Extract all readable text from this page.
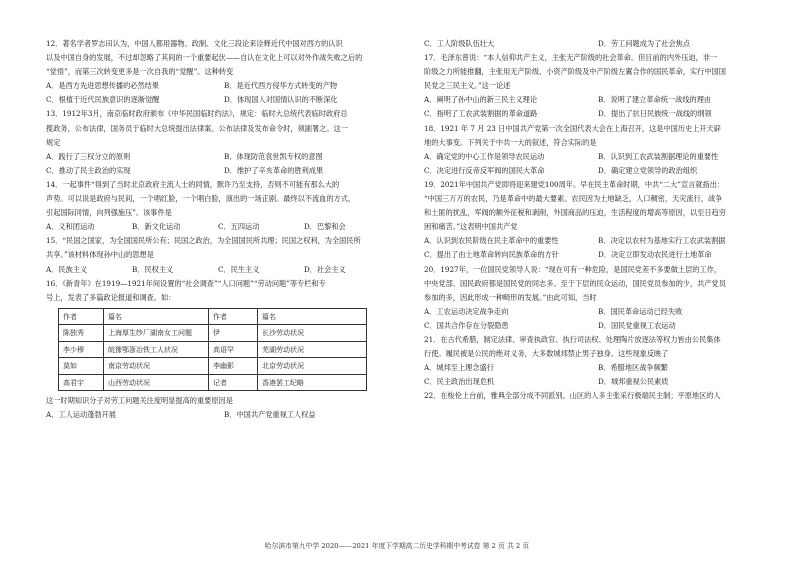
12．著名学者罗志田认为，中国人都用器物、政制、文化三段论来诠释近代中国对西方的认识
以及中国自身的发展，不过却忽略了其间的一个重要起伏——自认在文化上可以对外作战失败之后的
“觉悟”，而第三次转变更多是一次自我的“觉醒”。这种转变
A．是西方先进思想传播的必然结果	B．是近代西方侵华方式转变的产物
C．根植于近代民族意识的逐渐觉醒	D．体现国人对国情认识的不断深化
13．1912年3月，南京临时政府颁布《中华民国临时约法》，规定：临时大总统代表临时政府总
揽政务，公布法律，国务员于临时大总统提出法律案、公布法律及发布命令时，须副署之。这一
规定
A．践行了三权分立的原则	B．体现防范袁世凯专权的意图
C．推动了民主政治的实现	D．维护了辛亥革命的胜利成果
14．一起事件“得到了当时北京政府主流人士的同情，默许乃至支持，否则不可能有那么大的
声势。可以说是政府与民间，一个唱红脸，一个唱白脸，演出的一场正剧。最终以不流血的方式，
引起国际同情，向列强施压”。该事件是
A．义和团运动	B．新文化运动	C．五四运动	D．巴黎和会
15．“民国之国家，为全国国民所公有；民国之政治，为全国国民所共理；民国之权利，为全国民所
共享。”该材料体现孙中山的思想是
A．民族主义	B．民权主义	C．民生主义	D．社会主义
16．《新青年》在1919—1921年间设置的“社会调查”“人口问题”“劳动问题”等专栏和专
号上，发表了多篇政论报道和调查。如：
作者	篇名	作者	篇名
陈独秀	上海厚生纱厂湖南女工问题	伊	长沙劳动状况
李少穆	皖豫鄂浙冶铁工人状况	高语罕	芜湖劳动状况
莫如	南京劳动状况	李幽影	北京劳动状况
高君宇	山西劳动状况	记者	香港罢工纪略
这一时期知识分子对劳工问题关注度明显提高的重要原因是
A．工人运动蓬勃开展	B．中国共产党重视工人权益
C．工人阶级队伍壮大	D．劳工问题成为了社会焦点
17．毛泽东曾说：“本人信仰共产主义，主张无产阶级的社会革命。但目前的内外压迫，非一
阶级之力所能推翻，主张用无产阶级、小资产阶级及中产阶级左翼合作的国民革命，实行中国国
民党之三民主义。”这一论述
A．阐明了孙中山的新三民主义理论	B．说明了建立革命统一战线的理由
C．指明了工农武装割据的革命道路	D．提出了抗日民族统一战线的纲领
18．1921 年 7 月 23 日中国共产党第一次全国代表大会在上海召开，这是中国历史上开天辟
地的大事变。下列关于中共一大的叙述，符合实际的是
A．确定党的中心工作是领导农民运动	B．认识到工农武装割据理论的重要性
C．决定进行反帝反军阀的国民大革命	D．确定建立党领导的政治组织
19．2021年中国共产党即将迎来建党100周年。早在民主革命时期，中共“二大”宣言就指出：
“中国三万万的农民，乃是革命中的最大要素。农民因为土地缺乏，人口稠密，天灾流行，战争
和土匪的扰乱，军阀的额外征税和剥削，外国商品的压迫，生活程度的增高等原因，以至日趋穷
困和痛苦。”这表明中国共产党
A．认识到农民阶级在民主革命中的重要性	B．决定以农村为基地实行工农武装割据
C．提出了由土地革命转向民族革命的方针	D．决定立即发动农民进行土地革命
20．1927年，一位国民党领导人说：“现在可有一种危险，是国民党差不多要做土层的工作，
中央党部、国民政府都是国民党的同志多。至于下层的民众运动，国民党员参加的少，共产党员
参加的多，因此形成一种畸形的发展。”由此可知，当时
A．工农运动决定战争走向	B．国民革命运动已经失败
C．国共合作存在分裂隐患	D．国民党重视工农运动
21．在古代希腊，制定法律、审查执政官、执行司法权、处理陶片放逐法等权力皆由公民集体
行使。履民被是公民的绝对义务，大多数城邦禁止男子独身。这些现象反映了
A．城邦至上理念盛行	B．希腊地区战争频繁
C．民主政治出现危机	D．城邦重视公民素质
22．在梭伦上台前，雅典全部分成不同派别。山区的人多主张采行极端民主制；平原地区的人
哈尔滨市第九中学 2020——2021 年度下学期高二历史学科期中考试卷 第 2 页 共 2 页
